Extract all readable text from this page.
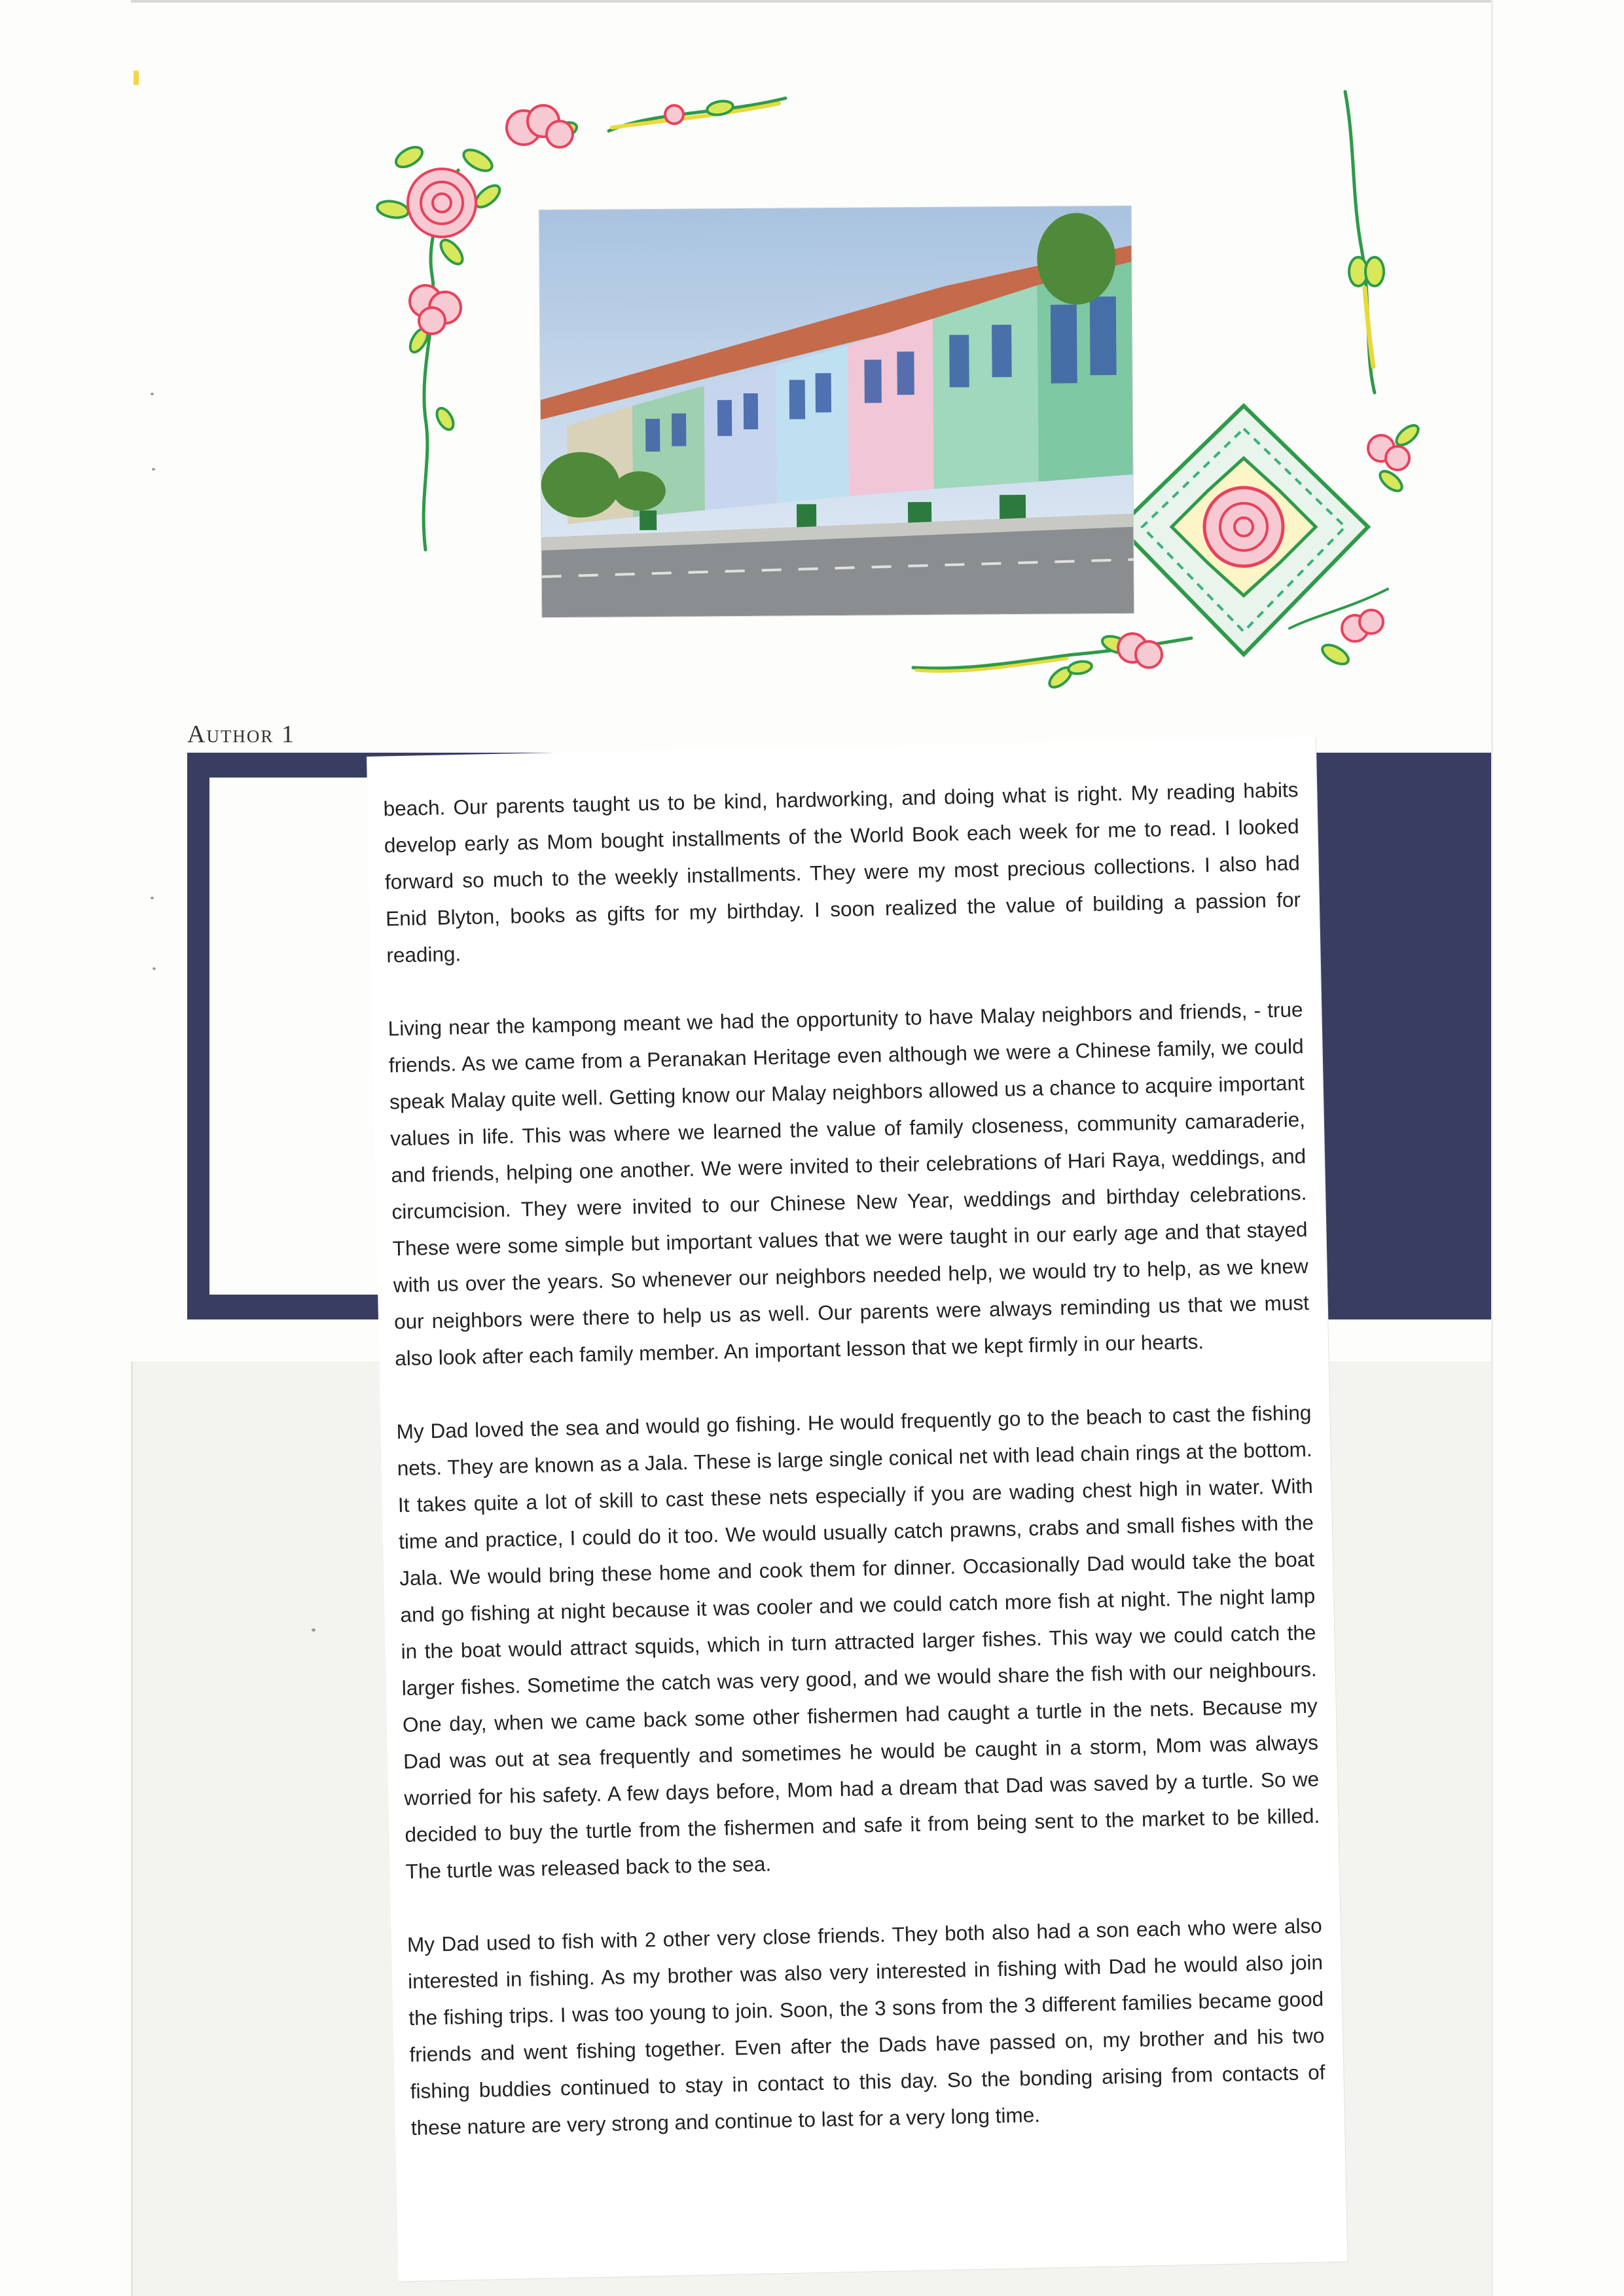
Author 1

beach. Our parents taught us to be kind, hardworking, and doing what is right. My reading habits develop early as Mom bought installments of the World Book each week for me to read. I looked forward so much to the weekly installments. They were my most precious collections. I also had Enid Blyton, books as gifts for my birthday. I soon realized the value of building a passion for reading.

Living near the kampong meant we had the opportunity to have Malay neighbors and friends, - true friends. As we came from a Peranakan Heritage even although we were a Chinese family, we could speak Malay quite well. Getting know our Malay neighbors allowed us a chance to acquire important values in life. This was where we learned the value of family closeness, community camaraderie, and friends, helping one another. We were invited to their celebrations of Hari Raya, weddings, and circumcision. They were invited to our Chinese New Year, weddings and birthday celebrations. These were some simple but important values that we were taught in our early age and that stayed with us over the years. So whenever our neighbors needed help, we would try to help, as we knew our neighbors were there to help us as well. Our parents were always reminding us that we must also look after each family member. An important lesson that we kept firmly in our hearts.

My Dad loved the sea and would go fishing. He would frequently go to the beach to cast the fishing nets. They are known as a Jala. These is large single conical net with lead chain rings at the bottom. It takes quite a lot of skill to cast these nets especially if you are wading chest high in water. With time and practice, I could do it too. We would usually catch prawns, crabs and small fishes with the Jala. We would bring these home and cook them for dinner. Occasionally Dad would take the boat and go fishing at night because it was cooler and we could catch more fish at night. The night lamp in the boat would attract squids, which in turn attracted larger fishes. This way we could catch the larger fishes. Sometime the catch was very good, and we would share the fish with our neighbours. One day, when we came back some other fishermen had caught a turtle in the nets. Because my Dad was out at sea frequently and sometimes he would be caught in a storm, Mom was always worried for his safety. A few days before, Mom had a dream that Dad was saved by a turtle. So we decided to buy the turtle from the fishermen and safe it from being sent to the market to be killed. The turtle was released back to the sea.

My Dad used to fish with 2 other very close friends. They both also had a son each who were also interested in fishing. As my brother was also very interested in fishing with Dad he would also join the fishing trips. I was too young to join. Soon, the 3 sons from the 3 different families became good friends and went fishing together. Even after the Dads have passed on, my brother and his two fishing buddies continued to stay in contact to this day. So the bonding arising from contacts of these nature are very strong and continue to last for a very long time.
